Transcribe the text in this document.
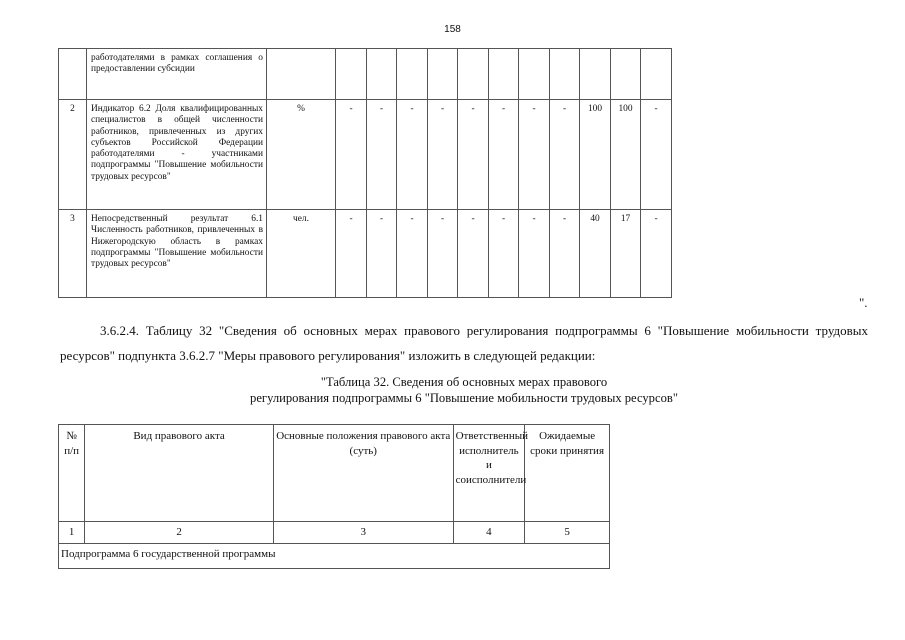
158
	работодателями в рамках соглашения о предоставлении субсидии												
2	Индикатор 6.2 Доля квалифицированных специалистов в общей численности работников, привлеченных из других субъектов Российской Федерации работодателями - участниками подпрограммы "Повышение мобильности трудовых ресурсов"	%	-	-	-	-	-	-	-	-	100	100	-
3	Непосредственный результат 6.1 Численность работников, привлеченных в Нижегородскую область в рамках подпрограммы "Повышение мобильности трудовых ресурсов"	чел.	-	-	-	-	-	-	-	-	40	17	-
".
3.6.2.4. Таблицу 32 "Сведения об основных мерах правового регулирования подпрограммы 6 "Повышение мобильности трудовых ресурсов" подпункта 3.6.2.7 "Меры правового регулирования" изложить в следующей редакции:
"Таблица 32. Сведения об основных мерах правового
регулирования подпрограммы 6 "Повышение мобильности трудовых ресурсов"
№ п/п	Вид правового акта	Основные положения правового акта (суть)	Ответственный исполнитель и соисполнители	Ожидаемые сроки принятия
1	2	3	4	5
Подпрограмма 6 государственной программы				
